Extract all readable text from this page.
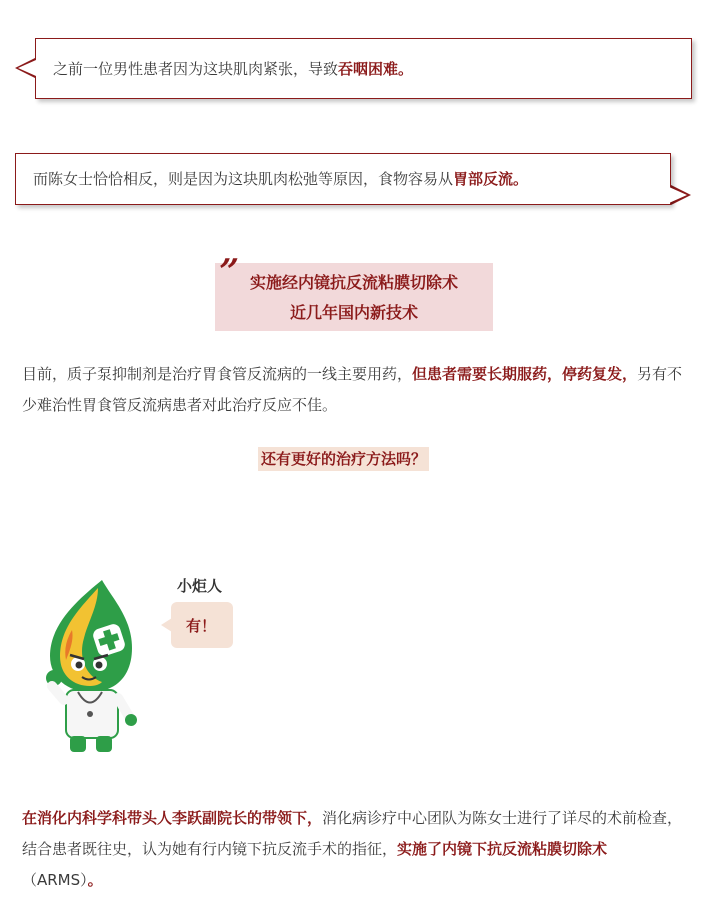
之前一位男性患者因为这块肌肉紧张，导致吞咽困难。
而陈女士恰恰相反，则是因为这块肌肉松弛等原因，食物容易从胃部反流。
实施经内镜抗反流粘膜切除术
近几年国内新技术
”

目前，质子泵抑制剂是治疗胃食管反流病的一线主要用药，但患者需要长期服药，停药复发，另有不少难治性胃食管反流病患者对此治疗反应不佳。

还有更好的治疗方法吗？
小炬人
有！

在消化内科学科带头人李跃副院长的带领下，消化病诊疗中心团队为陈女士进行了详尽的术前检查，结合患者既往史，认为她有行内镜下抗反流手术的指征，实施了内镜下抗反流粘膜切除术（ARMS）。
